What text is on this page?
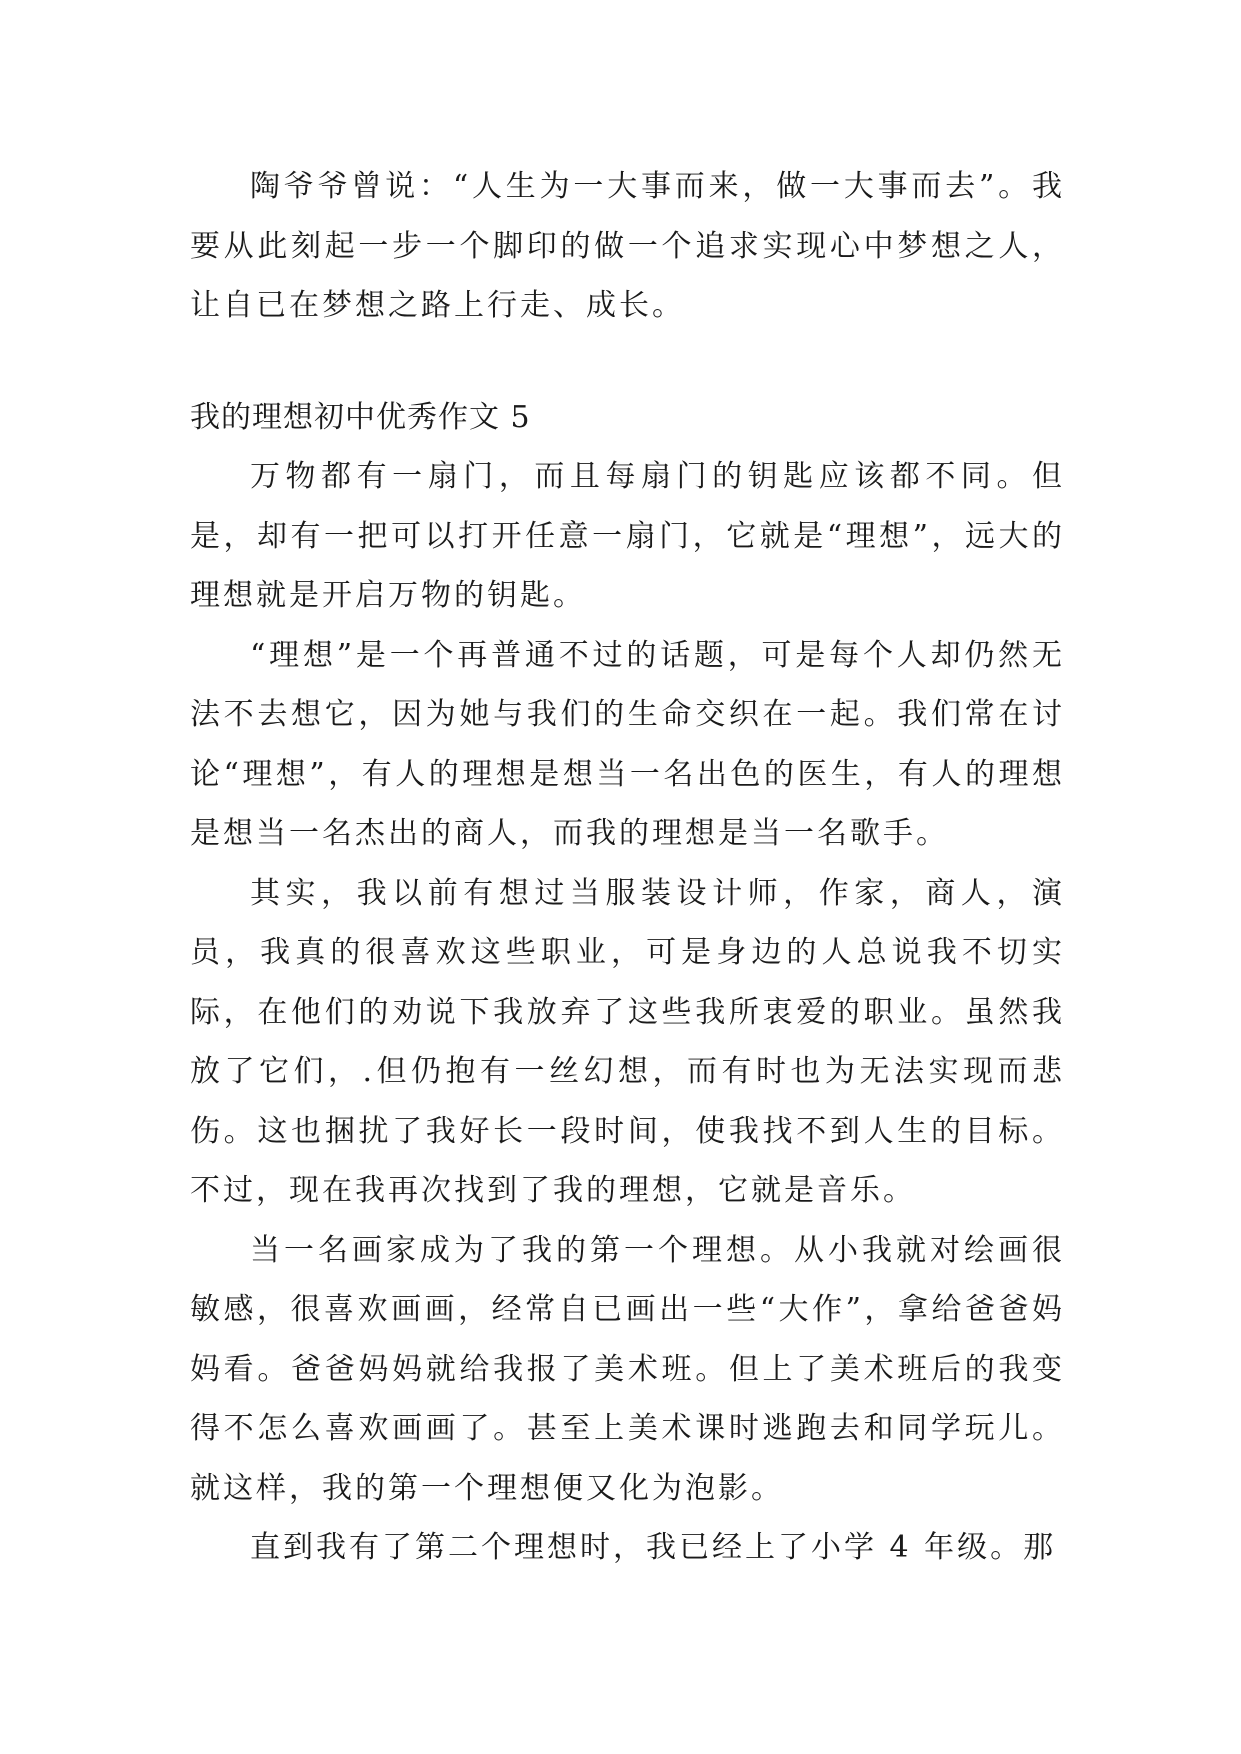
陶爷爷曾说：“人生为一大事而来，做一大事而去”。我要从此刻起一步一个脚印的做一个追求实现心中梦想之人，让自已在梦想之路上行走、成长。

我的理想初中优秀作文 5

万物都有一扇门，而且每扇门的钥匙应该都不同。但是，却有一把可以打开任意一扇门，它就是“理想”，远大的理想就是开启万物的钥匙。

“理想”是一个再普通不过的话题，可是每个人却仍然无法不去想它，因为她与我们的生命交织在一起。我们常在讨论“理想”，有人的理想是想当一名出色的医生，有人的理想是想当一名杰出的商人，而我的理想是当一名歌手。

其实，我以前有想过当服装设计师，作家，商人，演员，我真的很喜欢这些职业，可是身边的人总说我不切实际，在他们的劝说下我放弃了这些我所衷爱的职业。虽然我放了它们，.但仍抱有一丝幻想，而有时也为无法实现而悲伤。这也捆扰了我好长一段时间，使我找不到人生的目标。不过，现在我再次找到了我的理想，它就是音乐。

当一名画家成为了我的第一个理想。从小我就对绘画很敏感，很喜欢画画，经常自已画出一些“大作”，拿给爸爸妈妈看。爸爸妈妈就给我报了美术班。但上了美术班后的我变得不怎么喜欢画画了。甚至上美术课时逃跑去和同学玩儿。就这样，我的第一个理想便又化为泡影。

直到我有了第二个理想时，我已经上了小学 4 年级。那
